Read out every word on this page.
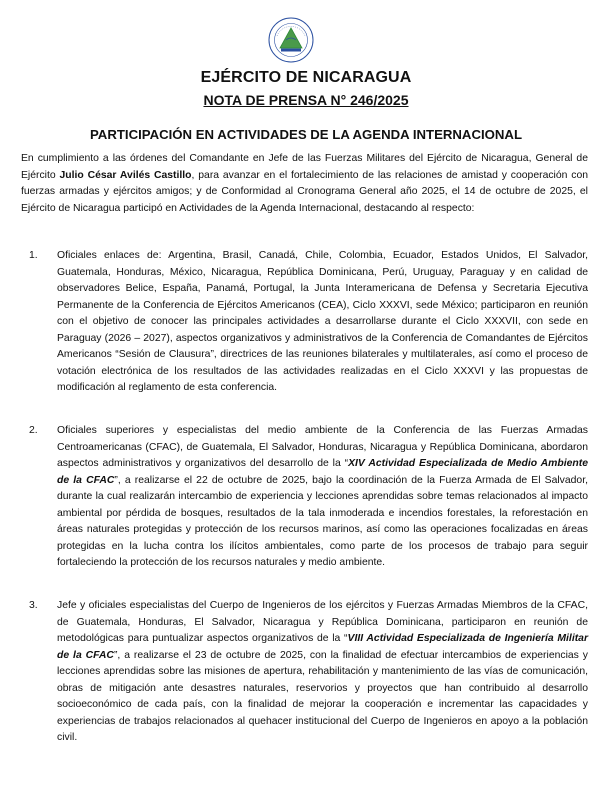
EJÉRCITO DE NICARAGUA
NOTA DE PRENSA N° 246/2025
PARTICIPACIÓN EN ACTIVIDADES DE LA AGENDA INTERNACIONAL

En cumplimiento a las órdenes del Comandante en Jefe de las Fuerzas Militares del Ejército de Nicaragua, General de Ejército Julio César Avilés Castillo, para avanzar en el fortalecimiento de las relaciones de amistad y cooperación con fuerzas armadas y ejércitos amigos; y de Conformidad al Cronograma General año 2025, el 14 de octubre de 2025, el Ejército de Nicaragua participó en Actividades de la Agenda Internacional, destacando al respecto:

1. Oficiales enlaces de: Argentina, Brasil, Canadá, Chile, Colombia, Ecuador, Estados Unidos, El Salvador, Guatemala, Honduras, México, Nicaragua, República Dominicana, Perú, Uruguay, Paraguay y en calidad de observadores Belice, España, Panamá, Portugal, la Junta Interamericana de Defensa y Secretaria Ejecutiva Permanente de la Conferencia de Ejércitos Americanos (CEA), Ciclo XXXVI, sede México; participaron en reunión con el objetivo de conocer las principales actividades a desarrollarse durante el Ciclo XXXVII, con sede en Paraguay (2026 – 2027), aspectos organizativos y administrativos de la Conferencia de Comandantes de Ejércitos Americanos “Sesión de Clausura”, directrices de las reuniones bilaterales y multilaterales, así como el proceso de votación electrónica de los resultados de las actividades realizadas en el Ciclo XXXVI y las propuestas de modificación al reglamento de esta conferencia.
2. Oficiales superiores y especialistas del medio ambiente de la Conferencia de las Fuerzas Armadas Centroamericanas (CFAC), de Guatemala, El Salvador, Honduras, Nicaragua y República Dominicana, abordaron aspectos administrativos y organizativos del desarrollo de la “XIV Actividad Especializada de Medio Ambiente de la CFAC”, a realizarse el 22 de octubre de 2025, bajo la coordinación de la Fuerza Armada de El Salvador, durante la cual realizarán intercambio de experiencia y lecciones aprendidas sobre temas relacionados al impacto ambiental por pérdida de bosques, resultados de la tala inmoderada e incendios forestales, la reforestación en áreas naturales protegidas y protección de los recursos marinos, así como las operaciones focalizadas en áreas protegidas en la lucha contra los ilícitos ambientales, como parte de los procesos de trabajo para seguir fortaleciendo la protección de los recursos naturales y medio ambiente.
3. Jefe y oficiales especialistas del Cuerpo de Ingenieros de los ejércitos y Fuerzas Armadas Miembros de la CFAC, de Guatemala, Honduras, El Salvador, Nicaragua y República Dominicana, participaron en reunión de metodológicas para puntualizar aspectos organizativos de la “VIII Actividad Especializada de Ingeniería Militar de la CFAC”, a realizarse el 23 de octubre de 2025, con la finalidad de efectuar intercambios de experiencias y lecciones aprendidas sobre las misiones de apertura, rehabilitación y mantenimiento de las vías de comunicación, obras de mitigación ante desastres naturales, reservorios y proyectos que han contribuido al desarrollo socioeconómico de cada país, con la finalidad de mejorar la cooperación e incrementar las capacidades y experiencias de trabajos relacionados al quehacer institucional del Cuerpo de Ingenieros en apoyo a la población civil.
